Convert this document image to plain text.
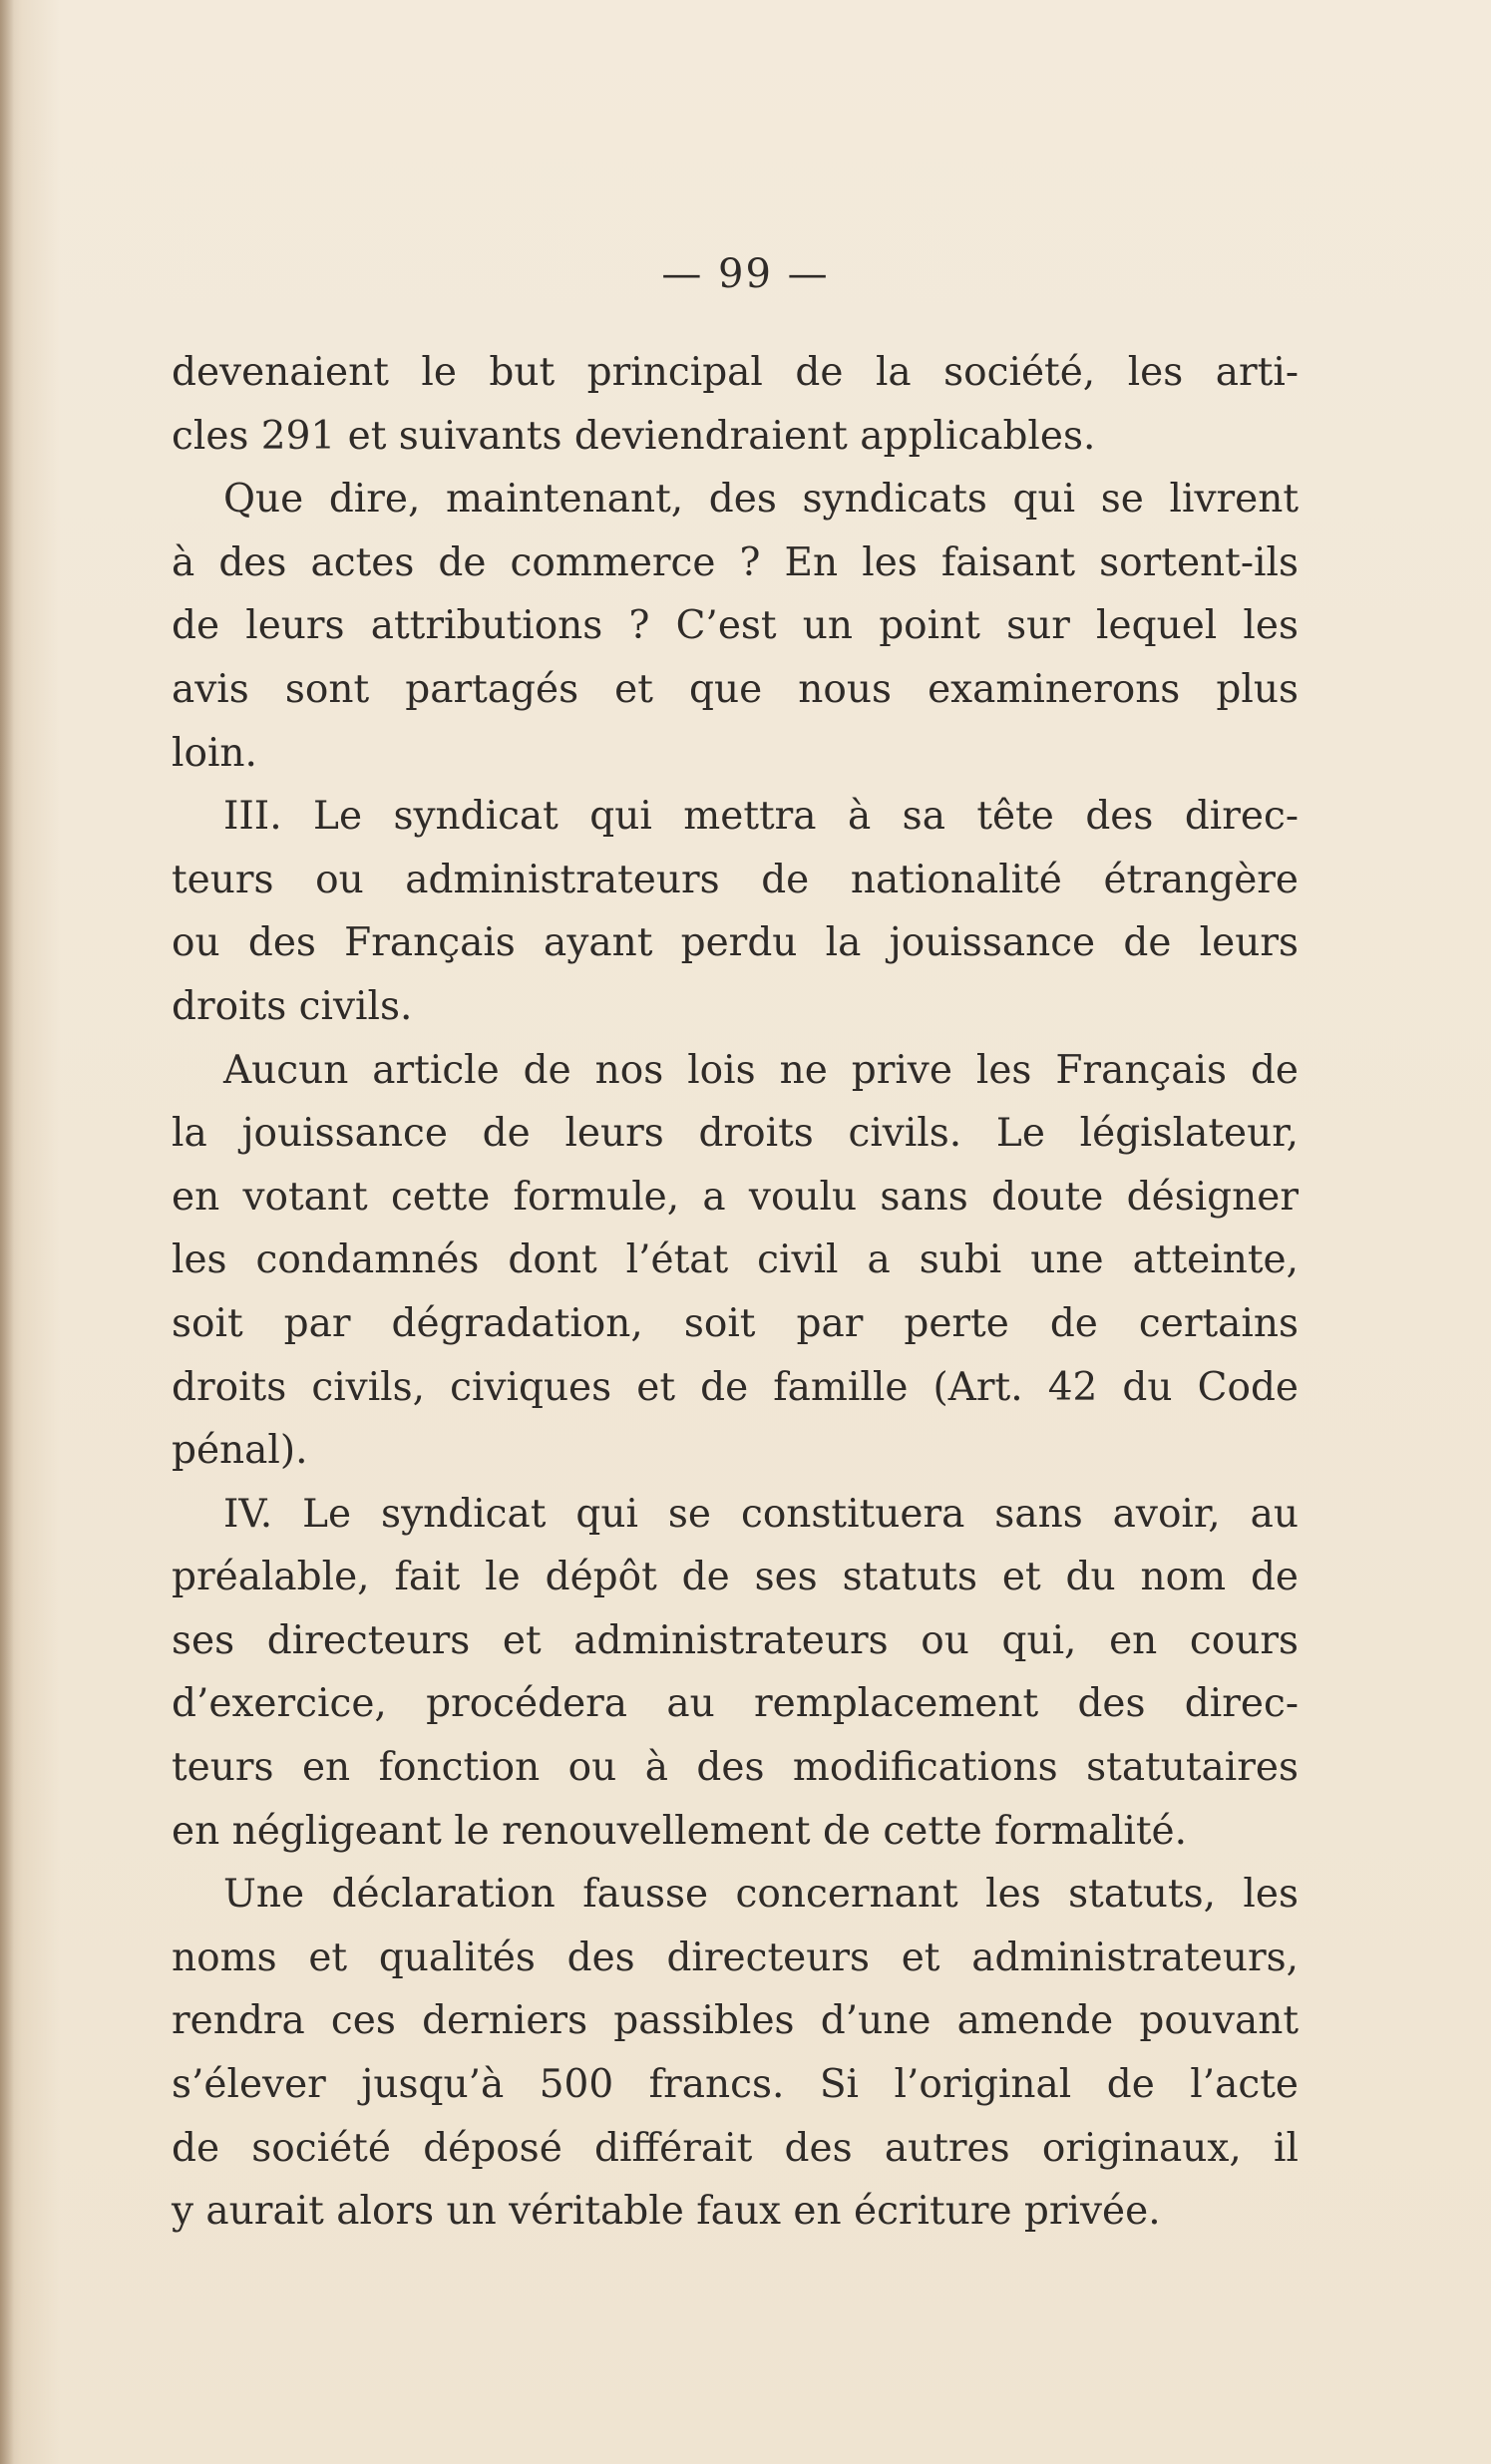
— 99 —
devenaient le but principal de la société, les arti-
cles 291 et suivants deviendraient applicables.
Que dire, maintenant, des syndicats qui se livrent
à des actes de commerce ? En les faisant sortent-ils
de leurs attributions ? C’est un point sur lequel les
avis sont partagés et que nous examinerons plus
loin.
III. Le syndicat qui mettra à sa tête des direc-
teurs ou administrateurs de nationalité étrangère
ou des Français ayant perdu la jouissance de leurs
droits civils.
Aucun article de nos lois ne prive les Français de
la jouissance de leurs droits civils. Le législateur,
en votant cette formule, a voulu sans doute désigner
les condamnés dont l’état civil a subi une atteinte,
soit par dégradation, soit par perte de certains
droits civils, civiques et de famille (Art. 42 du Code
pénal).
IV. Le syndicat qui se constituera sans avoir, au
préalable, fait le dépôt de ses statuts et du nom de
ses directeurs et administrateurs ou qui, en cours
d’exercice, procédera au remplacement des direc-
teurs en fonction ou à des modifications statutaires
en négligeant le renouvellement de cette formalité.
Une déclaration fausse concernant les statuts, les
noms et qualités des directeurs et administrateurs,
rendra ces derniers passibles d’une amende pouvant
s’élever jusqu’à 500 francs. Si l’original de l’acte
de société déposé différait des autres originaux, il
y aurait alors un véritable faux en écriture privée.
